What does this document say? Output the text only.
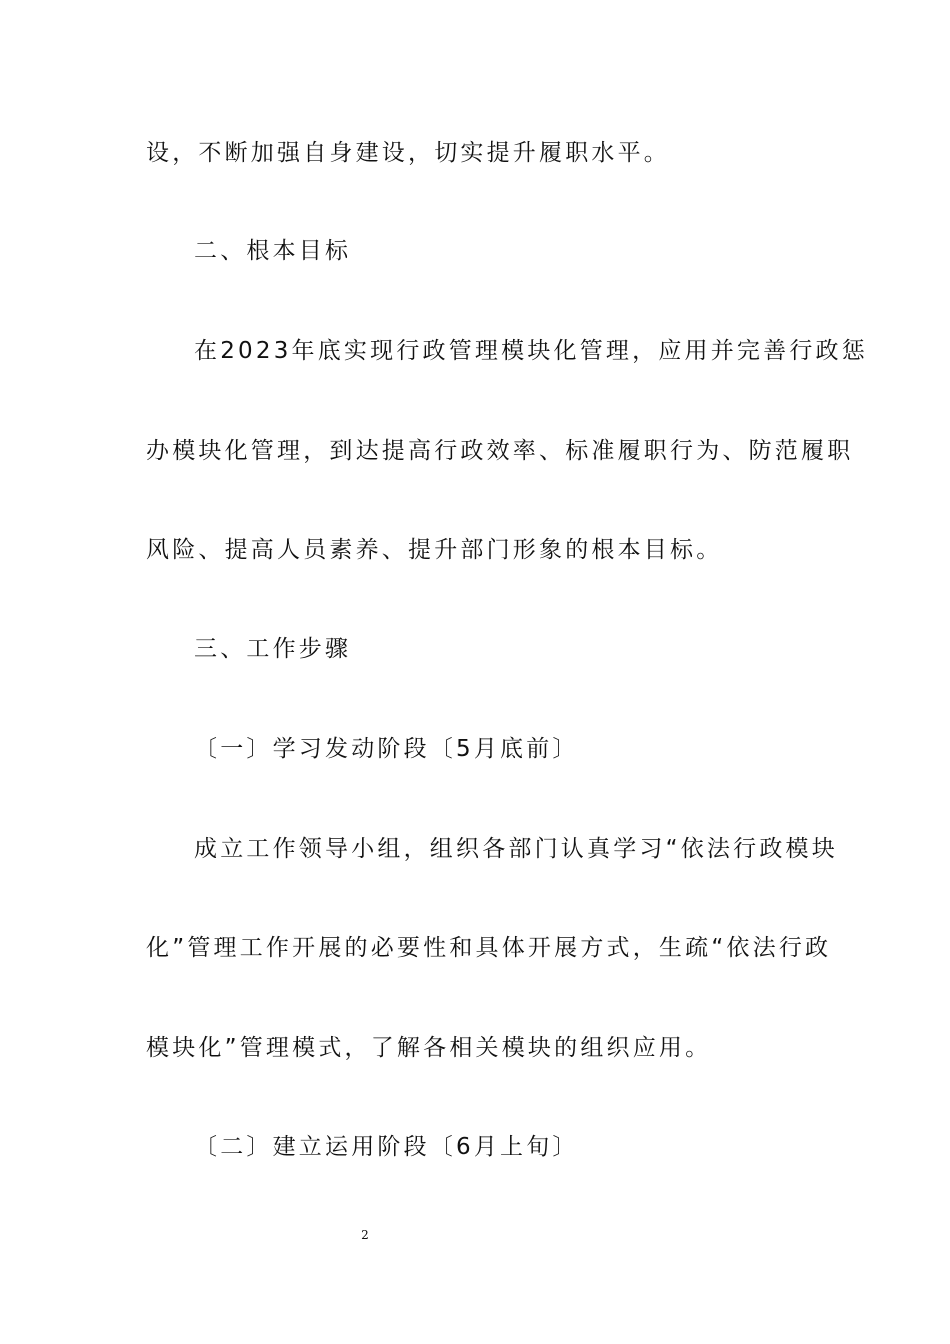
设，不断加强自身建设，切实提升履职水平。
二、根本目标
在2023年底实现行政管理模块化管理，应用并完善行政惩
办模块化管理，到达提高行政效率、标准履职行为、防范履职
风险、提高人员素养、提升部门形象的根本目标。
三、工作步骤
〔一〕学习发动阶段〔5月底前〕
成立工作领导小组，组织各部门认真学习“依法行政模块
化”管理工作开展的必要性和具体开展方式，生疏“依法行政
模块化”管理模式，了解各相关模块的组织应用。
〔二〕建立运用阶段〔6月上旬〕
2
